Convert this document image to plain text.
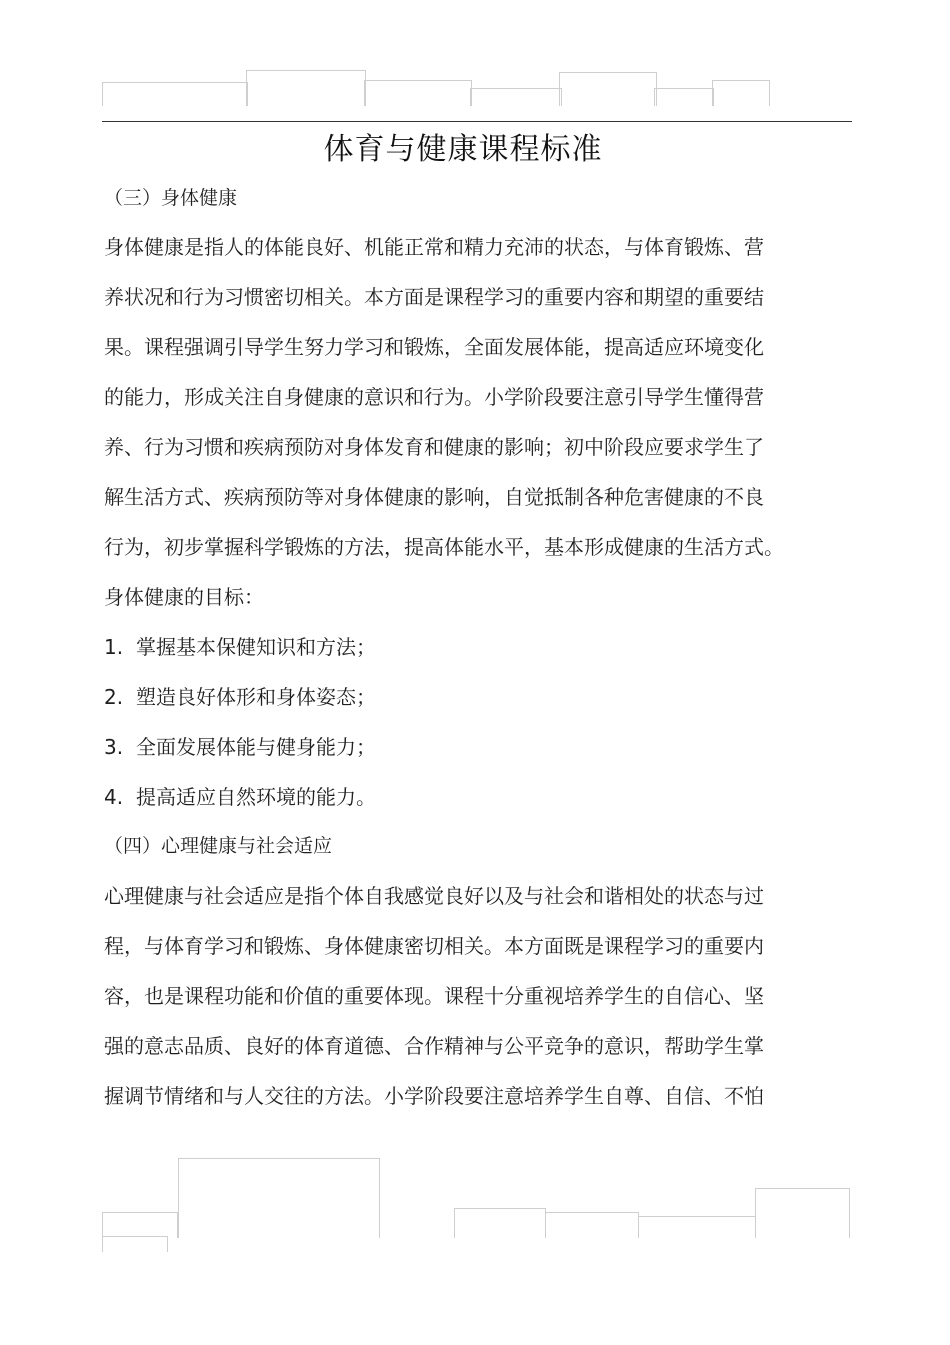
体育与健康课程标准
（三）身体健康
身体健康是指人的体能良好、机能正常和精力充沛的状态，与体育锻炼、营
养状况和行为习惯密切相关。本方面是课程学习的重要内容和期望的重要结
果。课程强调引导学生努力学习和锻炼，全面发展体能，提高适应环境变化
的能力，形成关注自身健康的意识和行为。小学阶段要注意引导学生懂得营
养、行为习惯和疾病预防对身体发育和健康的影响；初中阶段应要求学生了
解生活方式、疾病预防等对身体健康的影响，自觉抵制各种危害健康的不良
行为，初步掌握科学锻炼的方法，提高体能水平，基本形成健康的生活方式。
身体健康的目标：
1. 掌握基本保健知识和方法；
2. 塑造良好体形和身体姿态；
3. 全面发展体能与健身能力；
4. 提高适应自然环境的能力。
（四）心理健康与社会适应
心理健康与社会适应是指个体自我感觉良好以及与社会和谐相处的状态与过
程，与体育学习和锻炼、身体健康密切相关。本方面既是课程学习的重要内
容，也是课程功能和价值的重要体现。课程十分重视培养学生的自信心、坚
强的意志品质、良好的体育道德、合作精神与公平竞争的意识，帮助学生掌
握调节情绪和与人交往的方法。小学阶段要注意培养学生自尊、自信、不怕
